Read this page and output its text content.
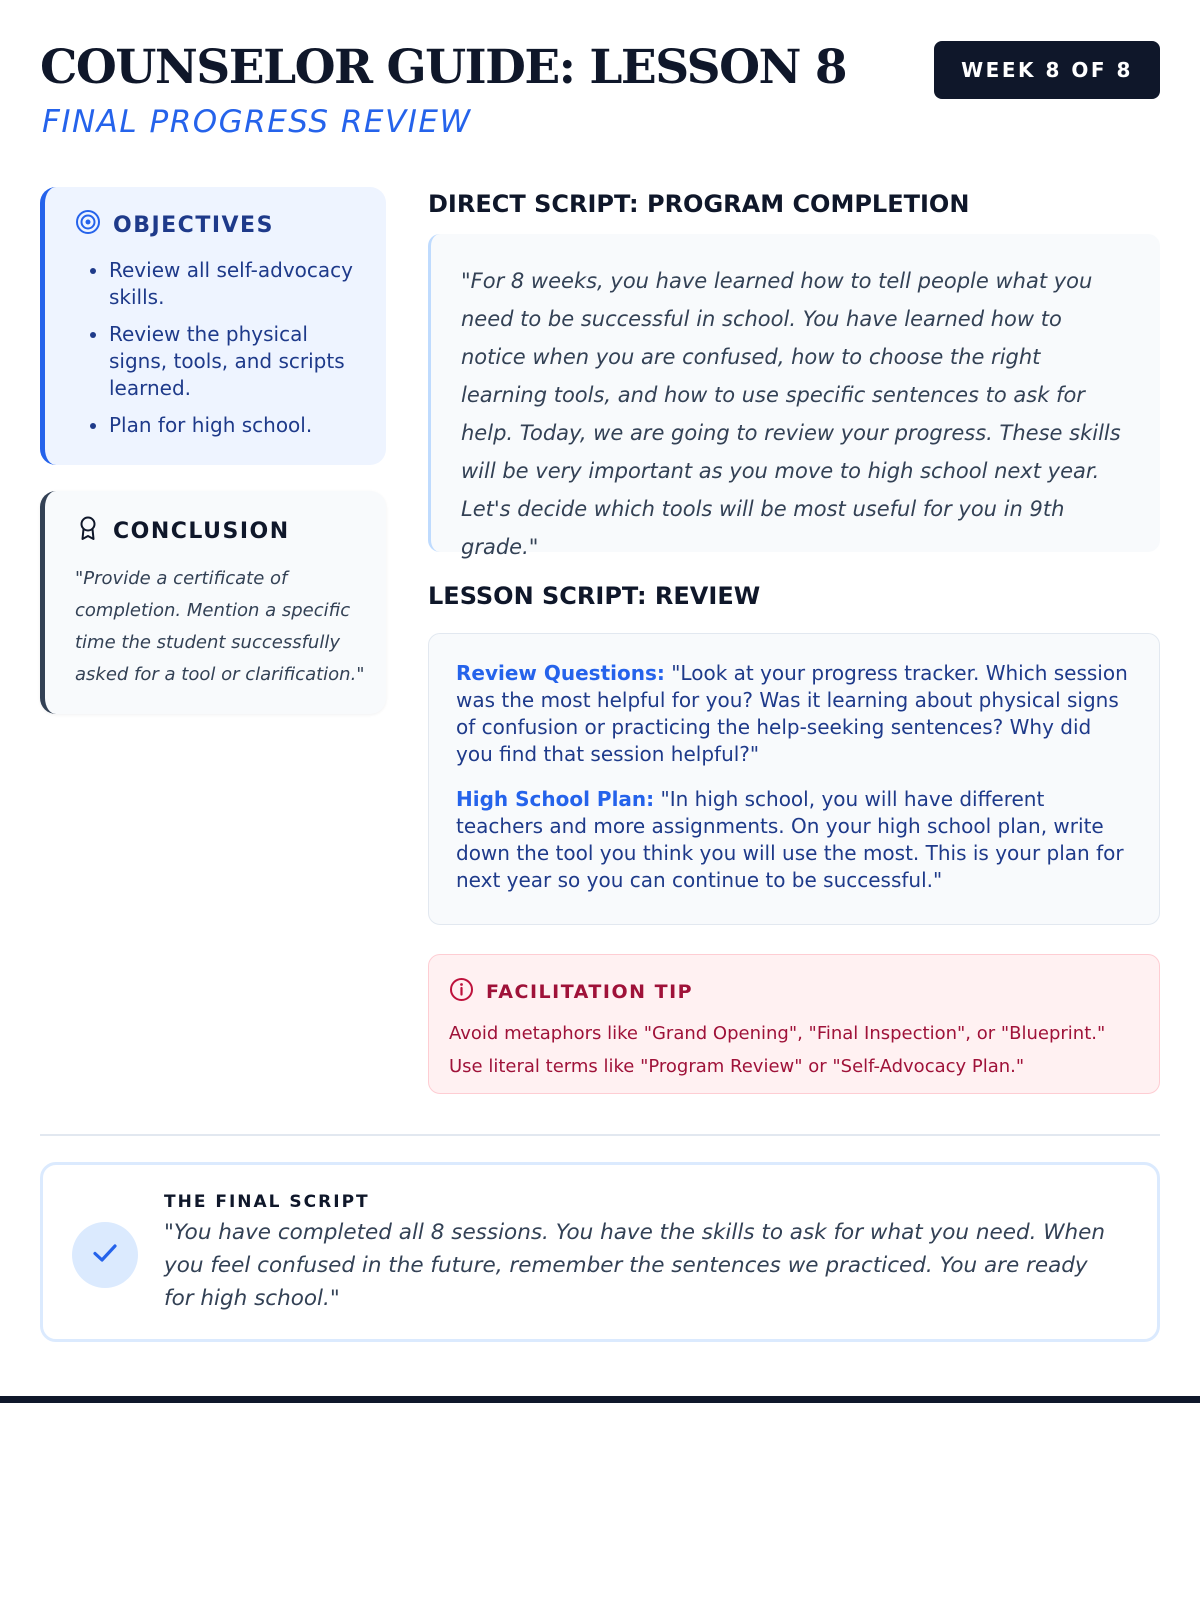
COUNSELOR GUIDE: LESSON 8
FINAL PROGRESS REVIEW
WEEK 8 OF 8
OBJECTIVES
• Review all self-advocacy skills.
• Review the physical signs, tools, and scripts learned.
• Plan for high school.
CONCLUSION

"Provide a certificate of completion. Mention a specific time the student successfully asked for a tool or clarification."

DIRECT SCRIPT: PROGRAM COMPLETION

"For 8 weeks, you have learned how to tell people what you need to be successful in school. You have learned how to notice when you are confused, how to choose the right learning tools, and how to use specific sentences to ask for help. Today, we are going to review your progress. These skills will be very important as you move to high school next year. Let's decide which tools will be most useful for you in 9th grade."

LESSON SCRIPT: REVIEW

Review Questions: "Look at your progress tracker. Which session was the most helpful for you? Was it learning about physical signs of confusion or practicing the help-seeking sentences? Why did you find that session helpful?"

High School Plan: "In high school, you will have different teachers and more assignments. On your high school plan, write down the tool you think you will use the most. This is your plan for next year so you can continue to be successful."

FACILITATION TIP

Avoid metaphors like "Grand Opening", "Final Inspection", or "Blueprint." Use literal terms like "Program Review" or "Self-Advocacy Plan."

THE FINAL SCRIPT

"You have completed all 8 sessions. You have the skills to ask for what you need. When you feel confused in the future, remember the sentences we practiced. You are ready for high school."
